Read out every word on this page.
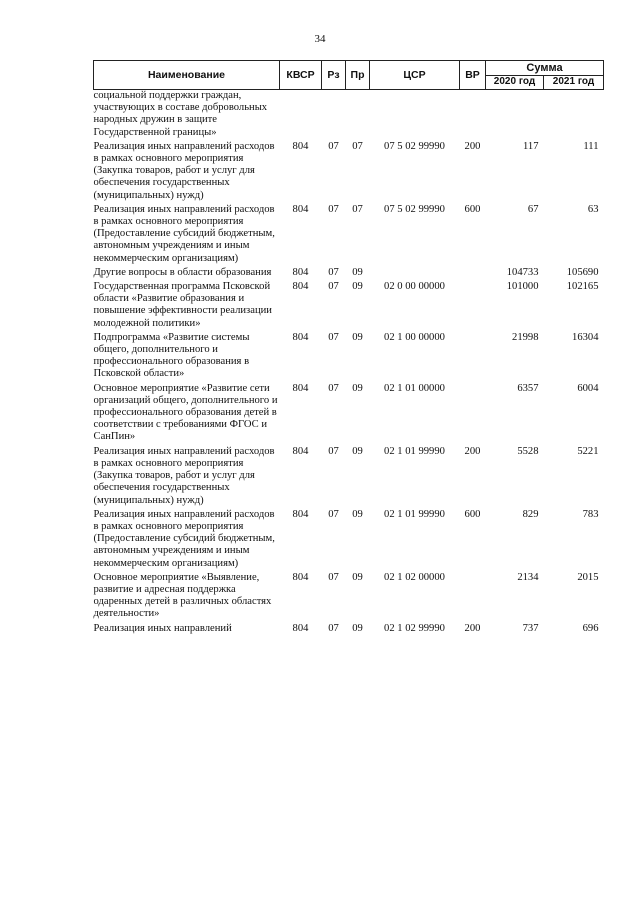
34
Наименование	КВСР	Рз	Пр	ЦСР	ВР	Сумма	
						2020 год	2021 год
социальной поддержки граждан, участвующих в составе добровольных народных дружин в защите Государственной границы»							
Реализация иных направлений расходов в рамках основного мероприятия (Закупка товаров, работ и услуг для обеспечения государственных (муниципальных) нужд)	804	07	07	07 5 02 99990	200	117	111
Реализация иных направлений расходов в рамках основного мероприятия (Предоставление субсидий бюджетным, автономным учреждениям и иным некоммерческим организациям)	804	07	07	07 5 02 99990	600	67	63
Другие вопросы в области образования	804	07	09			104733	105690
Государственная программа Псковской области «Развитие образования и повышение эффективности реализации молодежной политики»	804	07	09	02 0 00 00000		101000	102165
Подпрограмма «Развитие системы общего, дополнительного и профессионального образования в Псковской области»	804	07	09	02 1 00 00000		21998	16304
Основное мероприятие «Развитие сети организаций общего, дополнительного и профессионального образования детей в соответствии с требованиями ФГОС и СанПин»	804	07	09	02 1 01 00000		6357	6004
Реализация иных направлений расходов в рамках основного мероприятия (Закупка товаров, работ и услуг для обеспечения государственных (муниципальных) нужд)	804	07	09	02 1 01 99990	200	5528	5221
Реализация иных направлений расходов в рамках основного мероприятия (Предоставление субсидий бюджетным, автономным учреждениям и иным некоммерческим организациям)	804	07	09	02 1 01 99990	600	829	783
Основное мероприятие «Выявление, развитие и адресная поддержка одаренных детей в различных областях деятельности»	804	07	09	02 1 02 00000		2134	2015
Реализация иных направлений	804	07	09	02 1 02 99990	200	737	696
